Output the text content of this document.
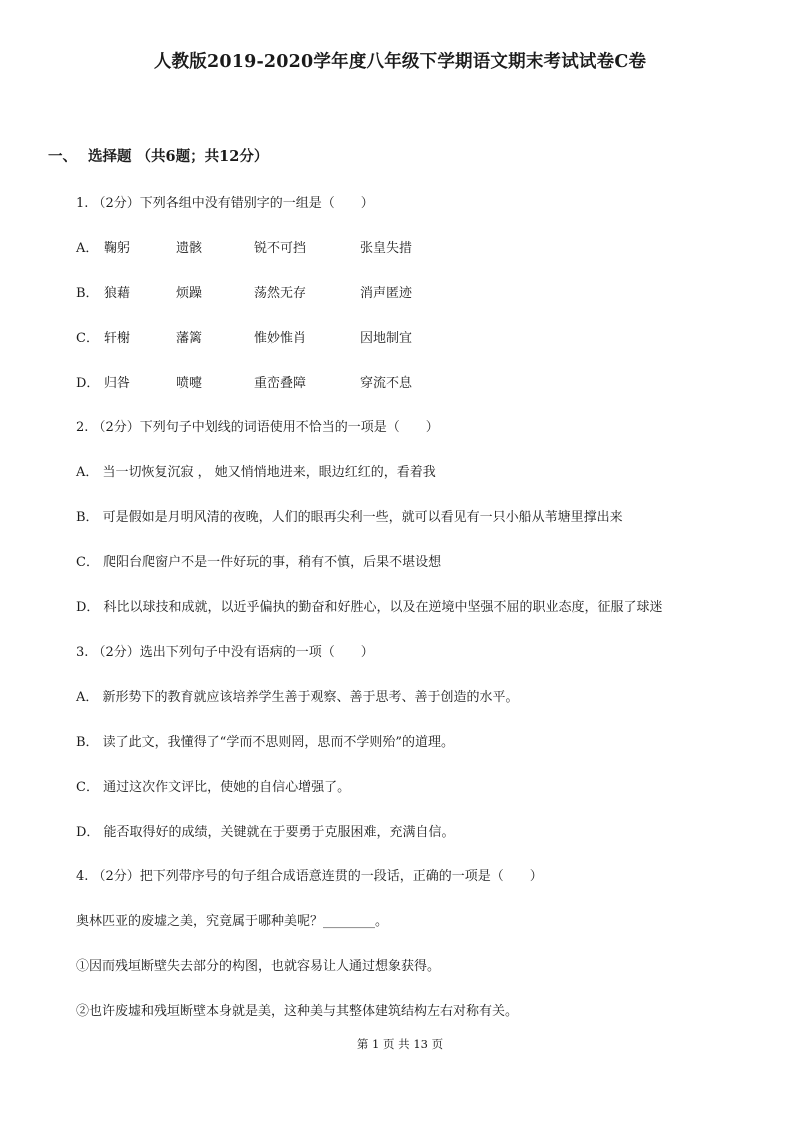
人教版2019-2020学年度八年级下学期语文期末考试试卷C卷
一、 选择题 （共6题；共12分）
1. （2分）下列各组中没有错别字的一组是（　　）
A． 鞠躬	遗骸	锐不可挡	张皇失措
B． 狼藉	烦躁	荡然无存	消声匿迹
C． 轩榭	藩篱	惟妙惟肖	因地制宜
D． 归咎	喷嚏	重峦叠障	穿流不息
2. （2分）下列句子中划线的词语使用不恰当的一项是（　　）
A． 当一切恢复沉寂 ， 她又悄悄地进来，眼边红红的，看着我
B． 可是假如是月明风清的夜晚，人们的眼再尖利一些，就可以看见有一只小船从苇塘里撑出来
C． 爬阳台爬窗户不是一件好玩的事，稍有不慎，后果不堪设想
D． 科比以球技和成就，以近乎偏执的勤奋和好胜心，以及在逆境中坚强不屈的职业态度，征服了球迷
3. （2分）选出下列句子中没有语病的一项（　　）
A． 新形势下的教育就应该培养学生善于观察、善于思考、善于创造的水平。
B． 读了此文，我懂得了“学而不思则罔，思而不学则殆”的道理。
C． 通过这次作文评比，使她的自信心增强了。
D． 能否取得好的成绩，关键就在于要勇于克服困难，充满自信。
4. （2分）把下列带序号的句子组合成语意连贯的一段话，正确的一项是（　　）
奥林匹亚的废墟之美，究竟属于哪种美呢？________。
①因而残垣断壁失去部分的构图，也就容易让人通过想象获得。
②也许废墟和残垣断壁本身就是美，这种美与其整体建筑结构左右对称有关。
第 1 页 共 13 页
